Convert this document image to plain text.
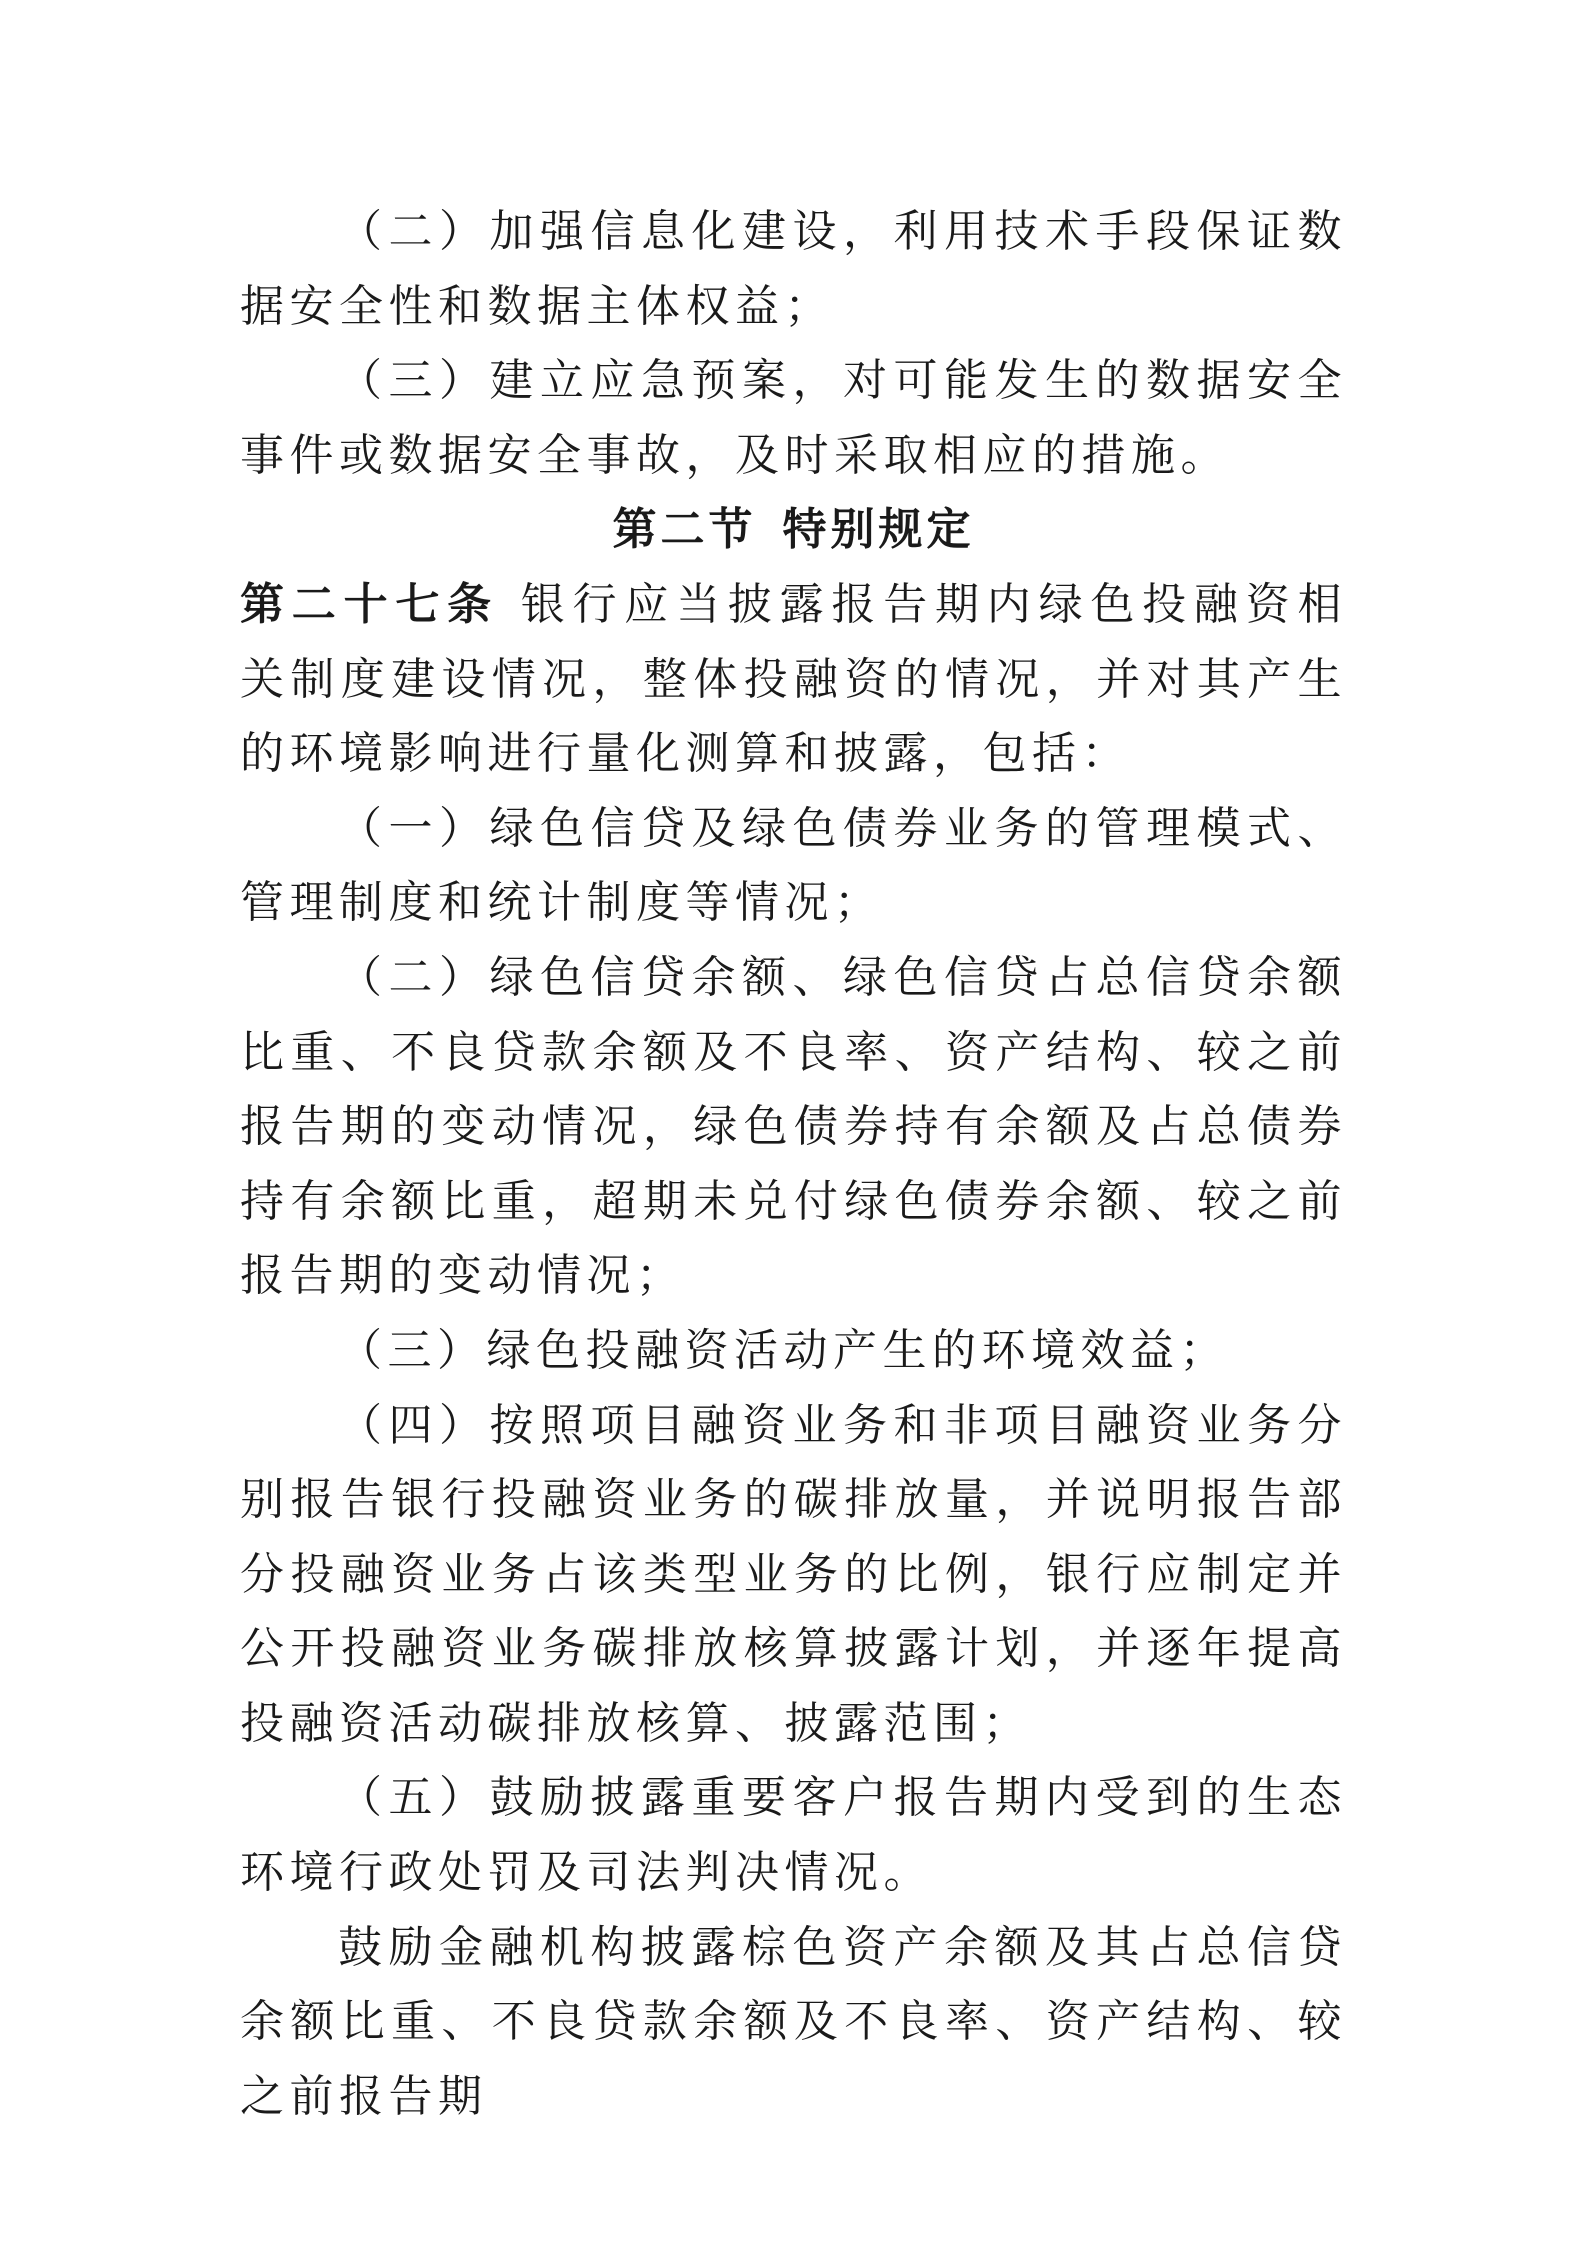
（二）加强信息化建设，利用技术手段保证数据安全性和数据主体权益；

（三）建立应急预案，对可能发生的数据安全事件或数据安全事故，及时采取相应的措施。

第二节 特别规定

第二十七条 银行应当披露报告期内绿色投融资相关制度建设情况，整体投融资的情况，并对其产生的环境影响进行量化测算和披露，包括：

（一）绿色信贷及绿色债券业务的管理模式、管理制度和统计制度等情况；

（二）绿色信贷余额、绿色信贷占总信贷余额比重、不良贷款余额及不良率、资产结构、较之前报告期的变动情况，绿色债券持有余额及占总债券持有余额比重，超期未兑付绿色债券余额、较之前报告期的变动情况；

（三）绿色投融资活动产生的环境效益；

（四）按照项目融资业务和非项目融资业务分别报告银行投融资业务的碳排放量，并说明报告部分投融资业务占该类型业务的比例，银行应制定并公开投融资业务碳排放核算披露计划，并逐年提高投融资活动碳排放核算、披露范围；

（五）鼓励披露重要客户报告期内受到的生态环境行政处罚及司法判决情况。

鼓励金融机构披露棕色资产余额及其占总信贷余额比重、不良贷款余额及不良率、资产结构、较之前报告期
